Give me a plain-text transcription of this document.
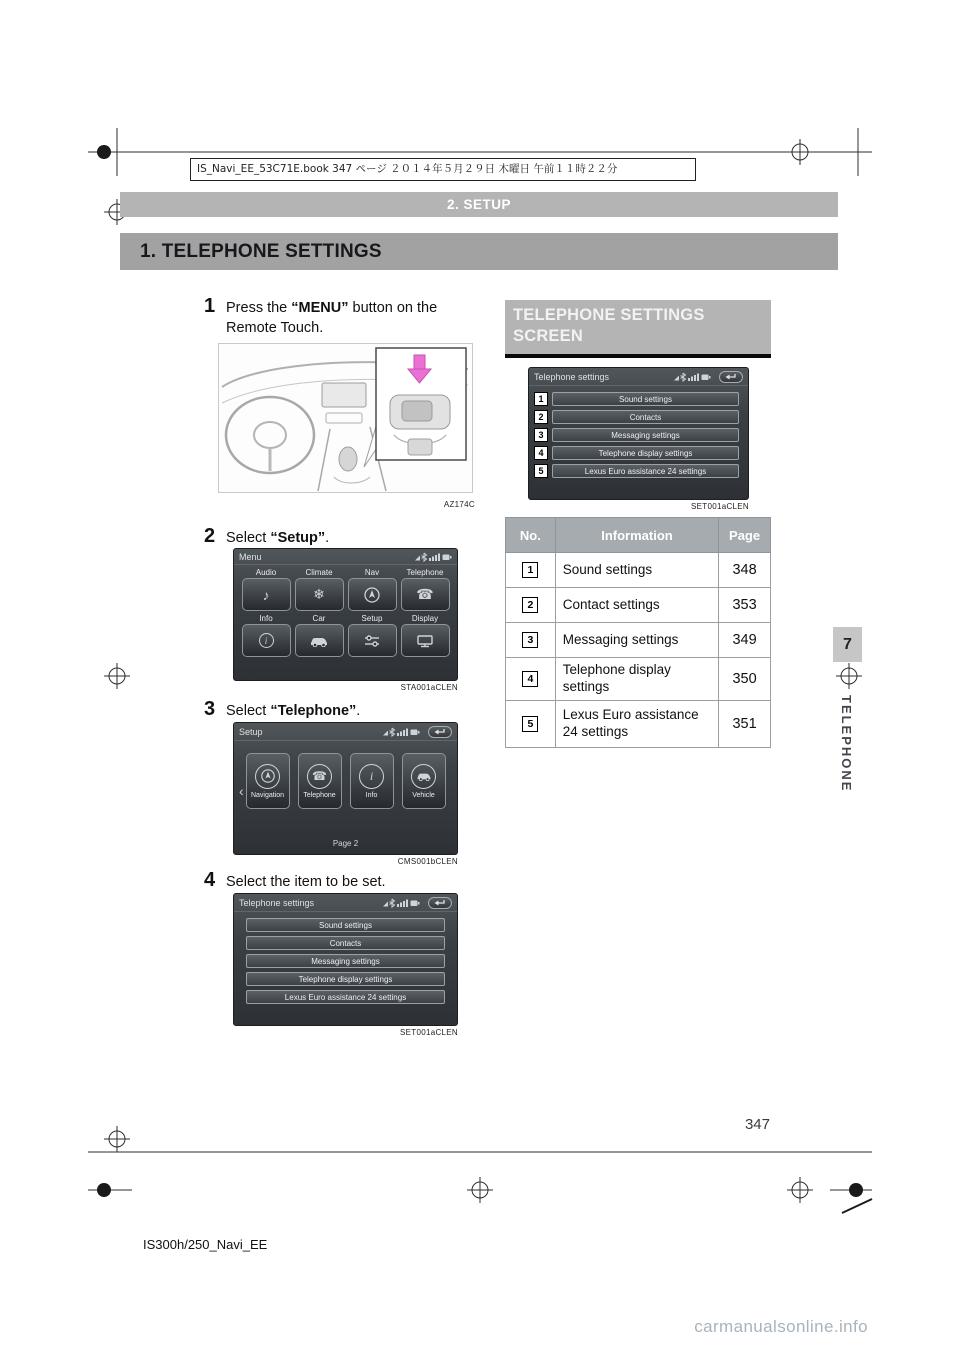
IS_Navi_EE_53C71E.book 347 ページ ２０１４年５月２９日 木曜日 午前１１時２２分
2. SETUP
1. TELEPHONE SETTINGS
1 Press the “MENU” button on the Remote Touch.
AZ174C
2 Select “Setup”.
Menu
Audio
♪
Climate
❄
Nav	Telephone
☎
Info
i
Car	Setup	Display
STA001aCLEN
3 Select “Telephone”.
Setup
‹ Navigation
☎
Telephone
i
Info	Vehicle
Page 2
CMS001bCLEN
4 Select the item to be set.
Telephone settings
Sound settings
Contacts
Messaging settings
Telephone display settings
Lexus Euro assistance 24 settings
SET001aCLEN
TELEPHONE SETTINGS
SCREEN
Telephone settings
1	Sound settings
2	Contacts
3	Messaging settings
4	Telephone display settings
5	Lexus Euro assistance 24 settings
SET001aCLEN
No.	Information	Page

1	Sound settings	348

2	Contact settings	353

3	Messaging settings	349

4	Telephone display settings	350

5	Lexus Euro assistance 24 settings	351
7
TELEPHONE
347
IS300h/250_Navi_EE
carmanualsonline.info
